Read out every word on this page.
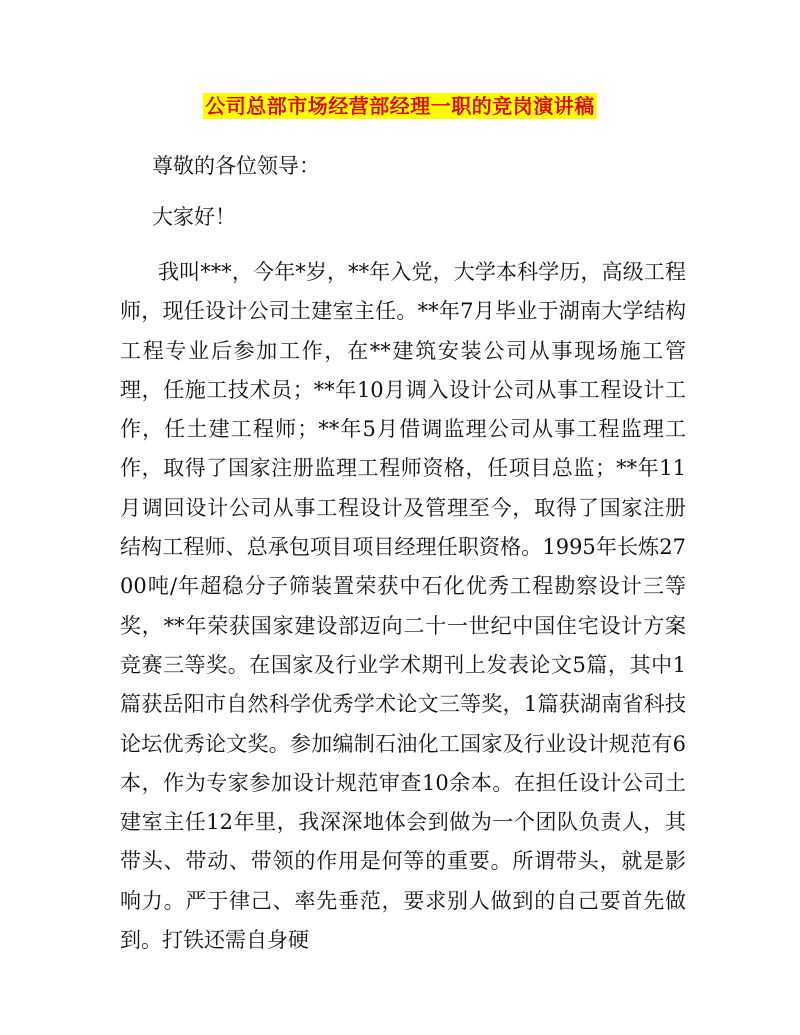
公司总部市场经营部经理一职的竞岗演讲稿

尊敬的各位领导：

大家好！

我叫***，今年*岁，**年入党，大学本科学历，高级工程师，现任设计公司土建室主任。**年7月毕业于湖南大学结构工程专业后参加工作，在**建筑安装公司从事现场施工管理，任施工技术员；**年10月调入设计公司从事工程设计工作，任土建工程师；**年5月借调监理公司从事工程监理工作，取得了国家注册监理工程师资格，任项目总监；**年11月调回设计公司从事工程设计及管理至今，取得了国家注册结构工程师、总承包项目项目经理任职资格。1995年长炼2700吨/年超稳分子筛装置荣获中石化优秀工程勘察设计三等奖，**年荣获国家建设部迈向二十一世纪中国住宅设计方案竞赛三等奖。在国家及行业学术期刊上发表论文5篇，其中1篇获岳阳市自然科学优秀学术论文三等奖，1篇获湖南省科技论坛优秀论文奖。参加编制石油化工国家及行业设计规范有6本，作为专家参加设计规范审查10余本。在担任设计公司土建室主任12年里，我深深地体会到做为一个团队负责人，其带头、带动、带领的作用是何等的重要。所谓带头，就是影响力。严于律己、率先垂范，要求别人做到的自己要首先做到。打铁还需自身硬
